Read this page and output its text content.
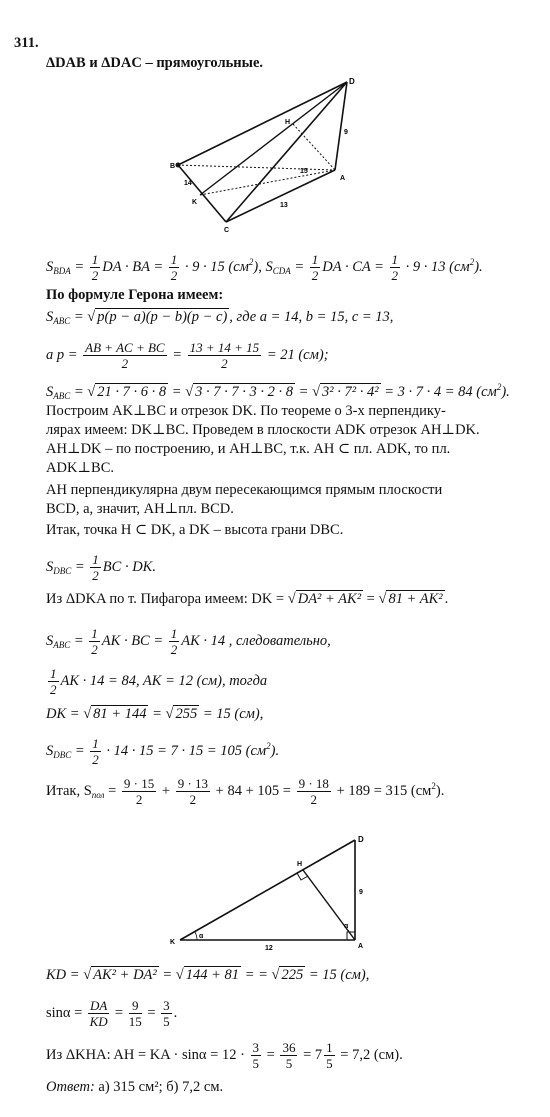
311.
ΔDAB и ΔDAC – прямоугольные.
D
H
B
A
K
C
9
14
15
13
$S_{BDA} = \frac{1}{2}$ DA · BA = $\frac{1}{2} \cdot 9 \cdot 15$ $(см^2)$, $S_{CDA} = \frac{1}{2}$ DA · CA = $\frac{1}{2} \cdot 9 \cdot 13$ $(см^2)$.
По формуле Герона имеем:
$S_{ABC}$ = √ p(p − a)(p − b)(p − c) , где a = 14, b = 15, c = 13,
а $p = \frac{AB + AC + BC}{2} = \frac{13 + 14 + 15}{2} = 21$ (см);
$S_{ABC}$ = √ 21 · 7 · 6 · 8 = √ 3 · 7 · 7 · 3 · 2 · 8 = √ 3² · 7² · 4² = 3 · 7 · 4 = 84 $(см^2)$.
Построим AK⊥BC и отрезок DK. По теореме о 3-х перпендику-
лярах имеем: DK⊥BC. Проведем в плоскости ADK отрезок AH⊥DK.
AH⊥DK – по построению, и AH⊥BC, т.к. AH ⊂ пл. ADK, то пл.
ADK⊥BC.
AH перпендикулярна двум пересекающимся прямым плоскости
BCD, а, значит, AH⊥пл. BCD.
Итак, точка H ⊂ DK, а DK – высота грани DBC.
$S_{DBC} = \frac{1}{2}$ BC · DK.
Из ΔDKA по т. Пифагора имеем: DK = √ DA² + AK² = √ 81 + AK² .
$S_{ABC} = \frac{1}{2}$ AK · BC = $\frac{1}{2}$ AK · 14 , следовательно,
$\frac{1}{2}$ AK · 14 = 84, AK = 12 (см), тогда
DK = √ 81 + 144 = √ 255 = 15 (см),
$S_{DBC} = \frac{1}{2} \cdot 14 \cdot 15 = 7 \cdot 15 = 105$ $(см^2)$.
Итак, $S_{пол} = \frac{9 \cdot 15}{2} + \frac{9 \cdot 13}{2} + 84 + 105 = \frac{9 \cdot 18}{2} + 189 = 315$ $(см^2)$.
D
H
K
A
9
12
α
α
KD = √ AK² + DA² = √ 144 + 81 = = √ 225 = 15 (см),
$\sin\alpha = \frac{DA}{KD} = \frac{9}{15} = \frac{3}{5}$ .
Из ΔKHA: AH = KA · $\sin\alpha = 12 \cdot \frac{3}{5} = \frac{36}{5} = 7 \frac{1}{5} = 7,2$ (см).
Ответ: а) 315 см²; б) 7,2 см.
